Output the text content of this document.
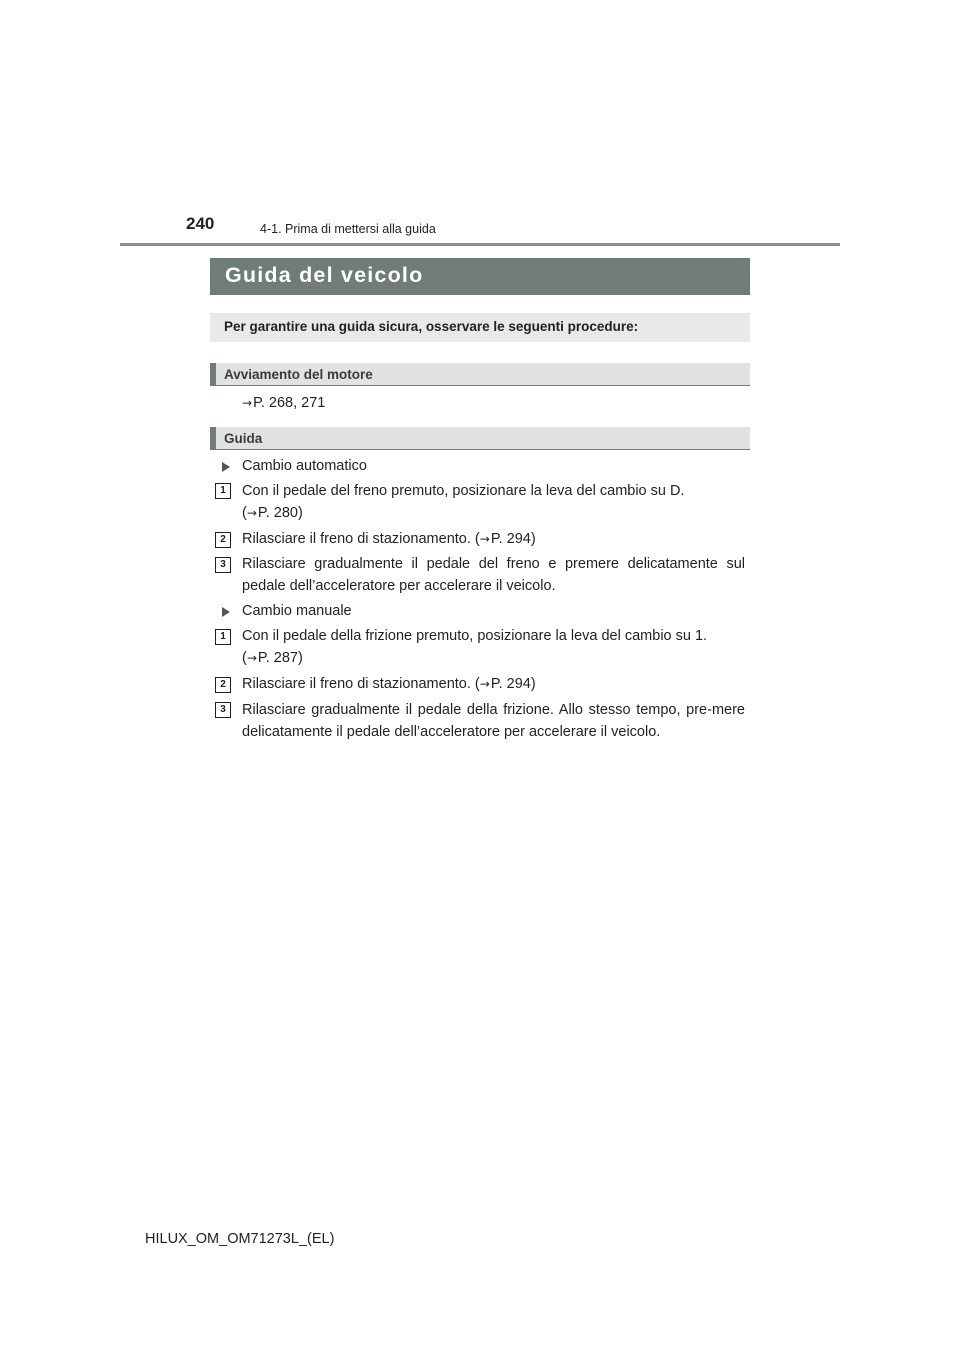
240	4-1. Prima di mettersi alla guida
Guida del veicolo
Per garantire una guida sicura, osservare le seguenti procedure:
Avviamento del motore
→P. 268, 271
Guida
Cambio automatico
1	Con il pedale del freno premuto, posizionare la leva del cambio su D.
(→P. 280)
2	Rilasciare il freno di stazionamento. (→P. 294)
3	Rilasciare gradualmente il pedale del freno e premere delicatamente sul pedale dell’acceleratore per accelerare il veicolo.
Cambio manuale
1	Con il pedale della frizione premuto, posizionare la leva del cambio su 1.
(→P. 287)
2	Rilasciare il freno di stazionamento. (→P. 294)
3	Rilasciare gradualmente il pedale della frizione. Allo stesso tempo, pre-mere delicatamente il pedale dell’acceleratore per accelerare il veicolo.
HILUX_OM_OM71273L_(EL)
